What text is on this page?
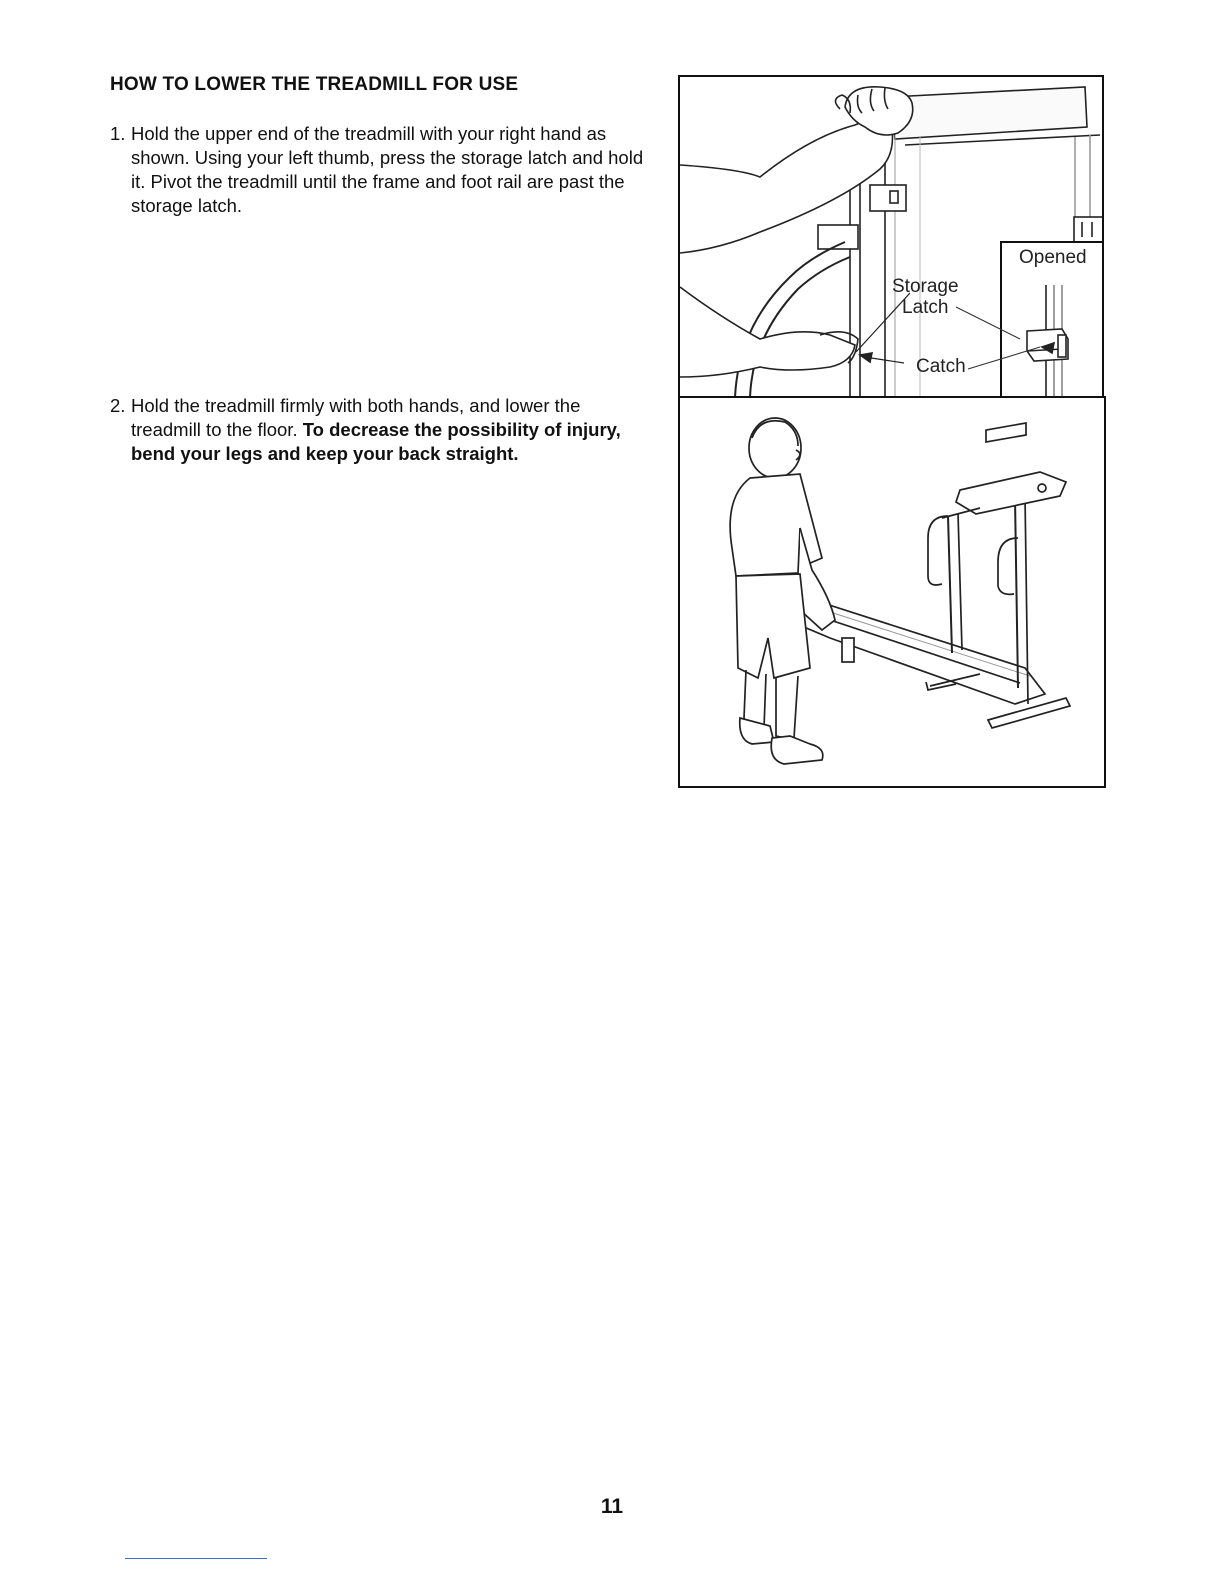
HOW TO LOWER THE TREADMILL FOR USE
1. Hold the upper end of the treadmill with your right hand as shown. Using your left thumb, press the storage latch and hold it. Pivot the treadmill until the frame and foot rail are past the storage latch.
2. Hold the treadmill firmly with both hands, and lower the treadmill to the floor. To decrease the possibility of injury, bend your legs and keep your back straight.
Storage
Latch
Catch
Opened
11
